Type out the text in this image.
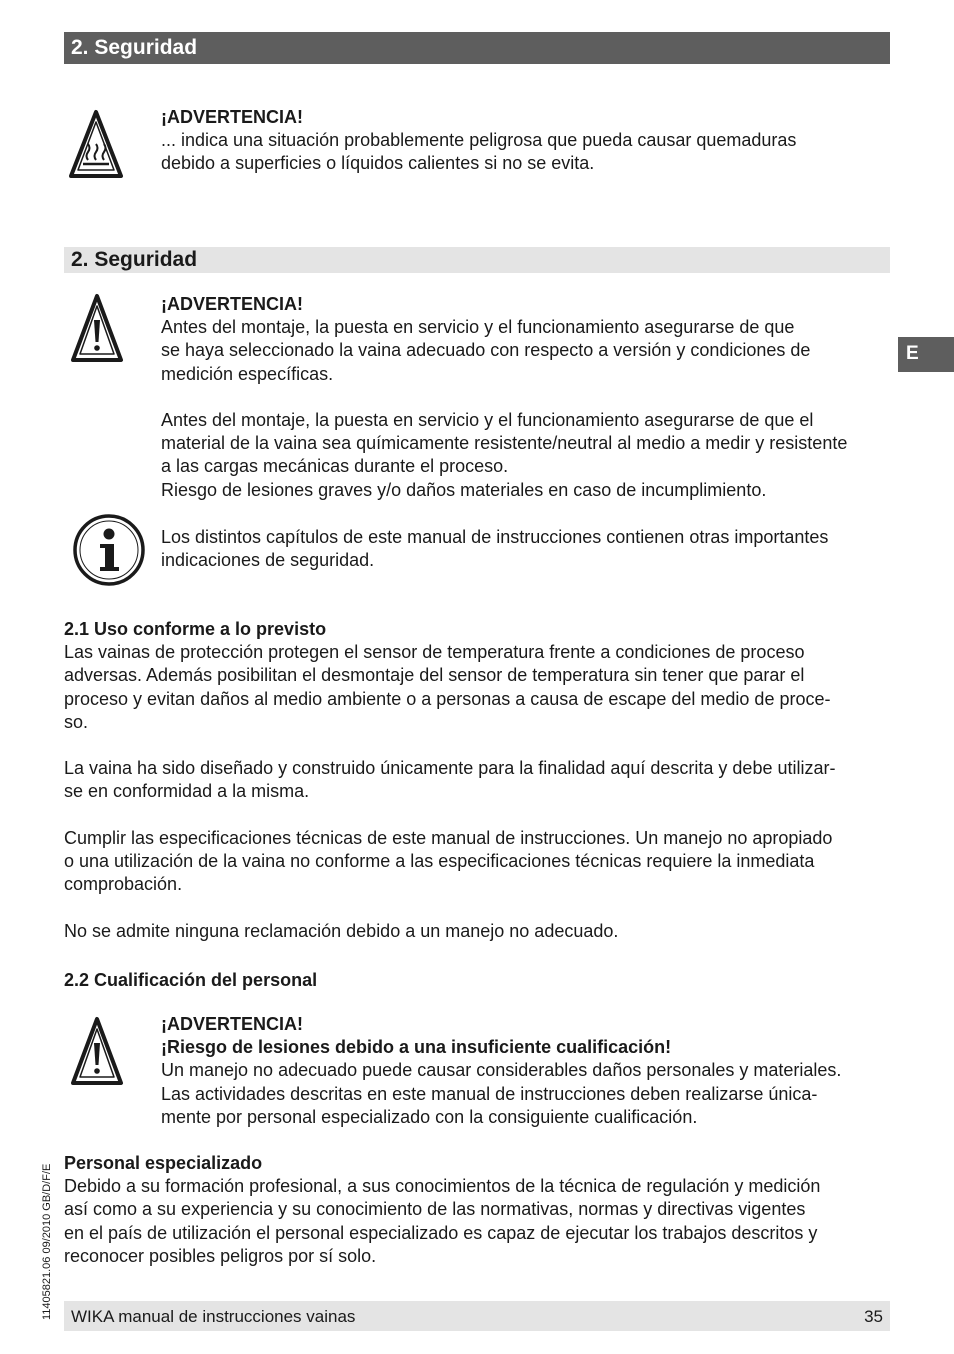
2. Seguridad

¡ADVERTENCIA!

... indica una situación probablemente peligrosa que pueda causar quemaduras

debido a superficies o líquidos calientes si no se evita.

2. Seguridad

¡ADVERTENCIA!

Antes del montaje, la puesta en servicio y el funcionamiento asegurarse de que

se haya seleccionado la vaina adecuado con respecto a versión y condiciones de

medición específicas.

Antes del montaje, la puesta en servicio y el funcionamiento asegurarse de que el

material de la vaina sea químicamente resistente/neutral al medio a medir y resistente

a las cargas mecánicas durante el proceso.

Riesgo de lesiones graves y/o daños materiales en caso de incumplimiento.

Los distintos capítulos de este manual de instrucciones contienen otras importantes

indicaciones de seguridad.

2.1 Uso conforme a lo previsto

Las vainas de protección protegen el sensor de temperatura frente a condiciones de proceso

adversas. Además posibilitan el desmontaje del sensor de temperatura sin tener que parar el

proceso y evitan daños al medio ambiente o a personas a causa de escape del medio de proce-

so.

La vaina ha sido diseñado y construido únicamente para la finalidad aquí descrita y debe utilizar-

se en conformidad a la misma.

Cumplir las especificaciones técnicas de este manual de instrucciones. Un manejo no apropiado

o una utilización de la vaina no conforme a las especificaciones técnicas requiere la inmediata

comprobación.

No se admite ninguna reclamación debido a un manejo no adecuado.

2.2 Cualificación del personal

¡ADVERTENCIA!

¡Riesgo de lesiones debido a una insuficiente cualificación!

Un manejo no adecuado puede causar considerables daños personales y materiales.

Las actividades descritas en este manual de instrucciones deben realizarse única-

mente por personal especializado con la consiguiente cualificación.

Personal especializado

Debido a su formación profesional, a sus conocimientos de la técnica de regulación y medición

así como a su experiencia y su conocimiento de las normativas, normas y directivas vigentes

en el país de utilización el personal especializado es capaz de ejecutar los trabajos descritos y

reconocer posibles peligros por sí solo.

E
11405821.06 09/2010 GB/D/F/E WIKA manual de instrucciones vainas	35
